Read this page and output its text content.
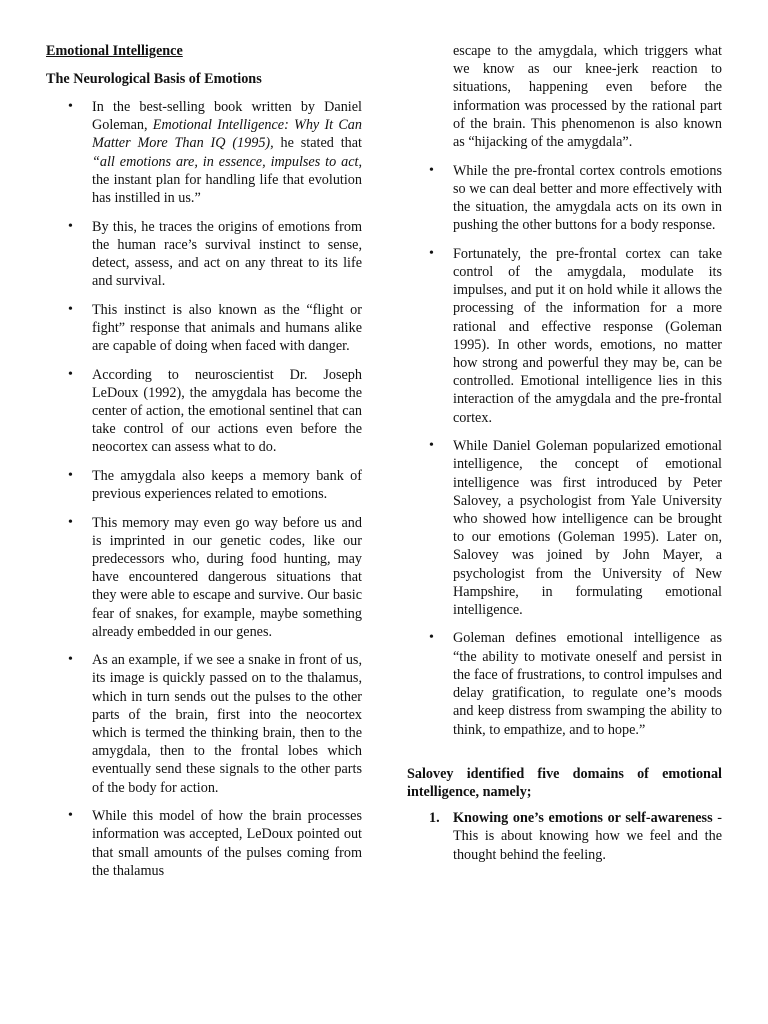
Emotional Intelligence

The Neurological Basis of Emotions

• In the best-selling book written by Daniel Goleman, Emotional Intelligence: Why It Can Matter More Than IQ (1995), he stated that “all emotions are, in essence, impulses to act, the instant plan for handling life that evolution has instilled in us.”
• By this, he traces the origins of emotions from the human race’s survival instinct to sense, detect, assess, and act on any threat to its life and survival.
• This instinct is also known as the “flight or fight” response that animals and humans alike are capable of doing when faced with danger.
• According to neuroscientist Dr. Joseph LeDoux (1992), the amygdala has become the center of action, the emotional sentinel that can take control of our actions even before the neocortex can assess what to do.
• The amygdala also keeps a memory bank of previous experiences related to emotions.
• This memory may even go way before us and is imprinted in our genetic codes, like our predecessors who, during food hunting, may have encountered dangerous situations that they were able to escape and survive. Our basic fear of snakes, for example, maybe something already embedded in our genes.
• As an example, if we see a snake in front of us, its image is quickly passed on to the thalamus, which in turn sends out the pulses to the other parts of the brain, first into the neocortex which is termed the thinking brain, then to the amygdala, then to the frontal lobes which eventually send these signals to the other parts of the body for action.
• While this model of how the brain processes information was accepted, LeDoux pointed out that small amounts of the pulses coming from the thalamus

escape to the amygdala, which triggers what we know as our knee-jerk reaction to situations, happening even before the information was processed by the rational part of the brain. This phenomenon is also known as “hijacking of the amygdala”.

• While the pre-frontal cortex controls emotions so we can deal better and more effectively with the situation, the amygdala acts on its own in pushing the other buttons for a body response.
• Fortunately, the pre-frontal cortex can take control of the amygdala, modulate its impulses, and put it on hold while it allows the processing of the information for a more rational and effective response (Goleman 1995). In other words, emotions, no matter how strong and powerful they may be, can be controlled. Emotional intelligence lies in this interaction of the amygdala and the pre-frontal cortex.
• While Daniel Goleman popularized emotional intelligence, the concept of emotional intelligence was first introduced by Peter Salovey, a psychologist from Yale University who showed how intelligence can be brought to our emotions (Goleman 1995). Later on, Salovey was joined by John Mayer, a psychologist from the University of New Hampshire, in formulating emotional intelligence.
• Goleman defines emotional intelligence as “the ability to motivate oneself and persist in the face of frustrations, to control impulses and delay gratification, to regulate one’s moods and keep distress from swamping the ability to think, to empathize, and to hope.”

Salovey identified five domains of emotional intelligence, namely;

1. Knowing one’s emotions or self-awareness - This is about knowing how we feel and the thought behind the feeling.
